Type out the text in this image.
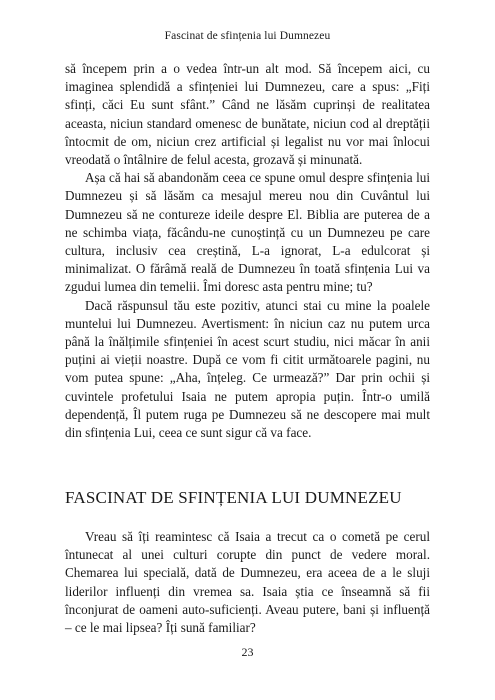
Fascinat de sfințenia lui Dumnezeu

să începem prin a o vedea într-un alt mod. Să începem aici, cu imaginea splendidă a sfințeniei lui Dumnezeu, care a spus: „Fiți sfinți, căci Eu sunt sfânt.” Când ne lăsăm cuprinși de realitatea aceasta, niciun standard omenesc de bunătate, niciun cod al dreptății întocmit de om, niciun crez artificial și legalist nu vor mai înlocui vreodată o întâlnire de felul acesta, grozavă și minunată.

Așa că hai să abandonăm ceea ce spune omul despre sfințenia lui Dumnezeu și să lăsăm ca mesajul mereu nou din Cuvântul lui Dumnezeu să ne contureze ideile despre El. Biblia are puterea de a ne schimba viața, făcându-ne cunoștință cu un Dumnezeu pe care cultura, inclusiv cea creștină, L-a ignorat, L-a edulcorat și minimalizat. O fărâmă reală de Dumnezeu în toată sfințenia Lui va zgudui lumea din temelii. Îmi doresc asta pentru mine; tu?

Dacă răspunsul tău este pozitiv, atunci stai cu mine la poalele muntelui lui Dumnezeu. Avertisment: în niciun caz nu putem urca până la înălțimile sfințeniei în acest scurt studiu, nici măcar în anii puțini ai vieții noastre. După ce vom fi citit următoarele pagini, nu vom putea spune: „Aha, înțeleg. Ce urmează?” Dar prin ochii și cuvintele profetului Isaia ne putem apropia puțin. Într-o umilă dependență, Îl putem ruga pe Dumnezeu să ne descopere mai mult din sfințenia Lui, ceea ce sunt sigur că va face.

FASCINAT DE SFINȚENIA LUI DUMNEZEU

Vreau să îți reamintesc că Isaia a trecut ca o cometă pe cerul întunecat al unei culturi corupte din punct de vedere moral. Chemarea lui specială, dată de Dumnezeu, era aceea de a le sluji liderilor influenți din vremea sa. Isaia știa ce înseamnă să fii înconjurat de oameni auto-suficienți. Aveau putere, bani și influență – ce le mai lipsea? Îți sună familiar?

23
